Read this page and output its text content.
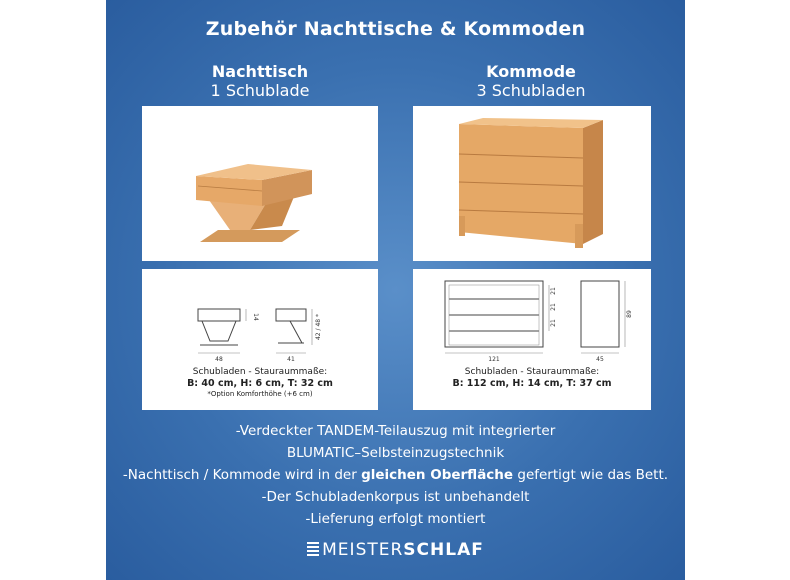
Zubehör Nachttische & Kommoden
Nachttisch
1 Schublade
Kommode
3 Schubladen
48	41
14	42 / 48 *
Schubladen - Stauraummaße:
B: 40 cm, H: 6 cm, T: 32 cm
*Option Komforthöhe (+6 cm)
121
21
21
21
89
45
Schubladen - Stauraummaße:
B: 112 cm, H: 14 cm, T: 37 cm
-Verdeckter TANDEM-Teilauszug mit integrierter
BLUMATIC–Selbsteinzugstechnik
-Nachttisch / Kommode wird in der gleichen Oberfläche gefertigt wie das Bett.
-Der Schubladenkorpus ist unbehandelt
-Lieferung erfolgt montiert
MEISTERSCHLAF
